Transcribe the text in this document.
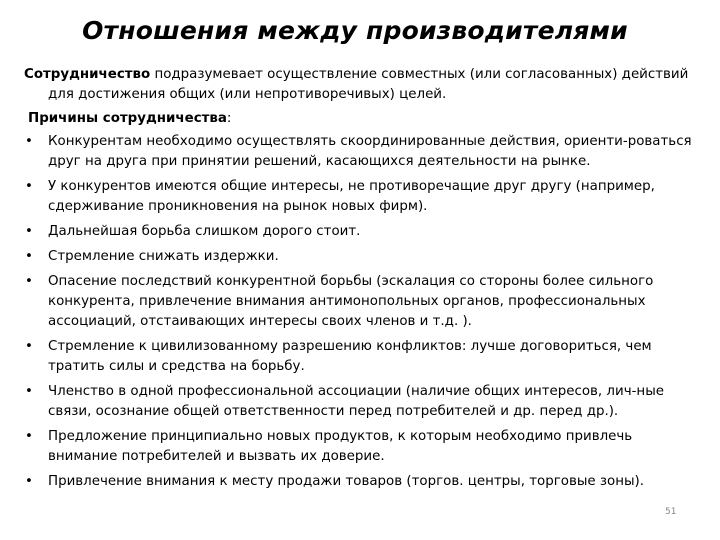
Отношения между производителями

Сотрудничество подразумевает осуществление совместных (или согласованных) действий для достижения общих (или непротиворечивых) целей.

Причины сотрудничества:
• Конкурентам необходимо осуществлять скоординированные действия, ориенти-роваться друг на друга при принятии решений, касающихся деятельности на рынке.
• У конкурентов имеются общие интересы, не противоречащие друг другу (например, сдерживание проникновения на рынок новых фирм).
• Дальнейшая борьба слишком дорого стоит.
• Стремление снижать издержки.
• Опасение последствий конкурентной борьбы (эскалация со стороны более сильного конкурента, привлечение внимания антимонопольных органов, профессиональных ассоциаций, отстаивающих интересы своих членов и т.д. ).
• Стремление к цивилизованному разрешению конфликтов: лучше договориться, чем тратить силы и средства на борьбу.
• Членство в одной профессиональной ассоциации (наличие общих интересов, лич-ные связи, осознание общей ответственности перед потребителей и др. перед др.).
• Предложение принципиально новых продуктов, к которым необходимо привлечь внимание потребителей и вызвать их доверие.
• Привлечение внимания к месту продажи товаров (торгов. центры, торговые зоны).
51
